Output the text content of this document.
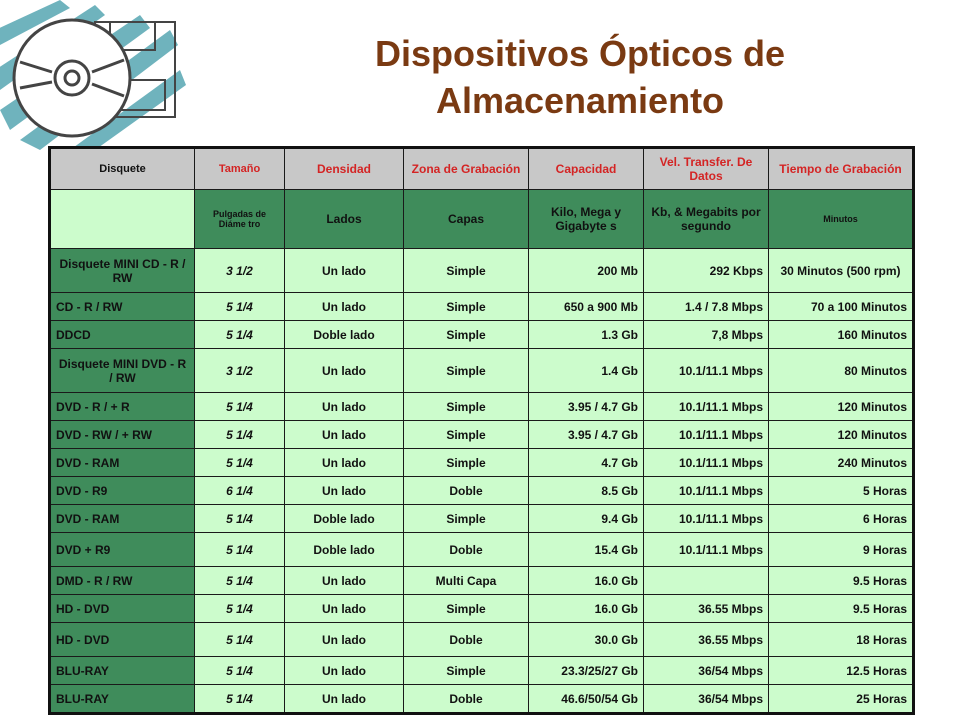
Dispositivos Ópticos de
Almacenamiento
Disquete	Tamaño	Densidad	Zona de Grabación	Capacidad	Vel. Transfer. De Datos	Tiempo de Grabación
	Pulgadas de Diáme tro	Lados	Capas	Kilo, Mega y Gigabyte s	Kb, & Megabits por segundo	Minutos
Disquete MINI CD - R / RW	3 1/2	Un lado	Simple	200 Mb	292 Kbps	30 Minutos (500 rpm)
CD - R / RW	5 1/4	Un lado	Simple	650 a 900 Mb	1.4 / 7.8 Mbps	70 a 100 Minutos
DDCD	5 1/4	Doble lado	Simple	1.3 Gb	7,8 Mbps	160 Minutos
Disquete MINI DVD - R / RW	3 1/2	Un lado	Simple	1.4 Gb	10.1/11.1 Mbps	80 Minutos
DVD - R / + R	5 1/4	Un lado	Simple	3.95 / 4.7 Gb	10.1/11.1 Mbps	120 Minutos
DVD - RW / + RW	5 1/4	Un lado	Simple	3.95 / 4.7 Gb	10.1/11.1 Mbps	120 Minutos
DVD - RAM	5 1/4	Un lado	Simple	4.7 Gb	10.1/11.1 Mbps	240 Minutos
DVD - R9	6 1/4	Un lado	Doble	8.5 Gb	10.1/11.1 Mbps	5 Horas
DVD - RAM	5 1/4	Doble lado	Simple	9.4 Gb	10.1/11.1 Mbps	6 Horas
DVD + R9	5 1/4	Doble lado	Doble	15.4 Gb	10.1/11.1 Mbps	9 Horas
DMD - R / RW	5 1/4	Un lado	Multi Capa	16.0 Gb		9.5 Horas
HD - DVD	5 1/4	Un lado	Simple	16.0 Gb	36.55 Mbps	9.5 Horas
HD - DVD	5 1/4	Un lado	Doble	30.0 Gb	36.55 Mbps	18 Horas
BLU-RAY	5 1/4	Un lado	Simple	23.3/25/27 Gb	36/54 Mbps	12.5 Horas
BLU-RAY	5 1/4	Un lado	Doble	46.6/50/54 Gb	36/54 Mbps	25 Horas
